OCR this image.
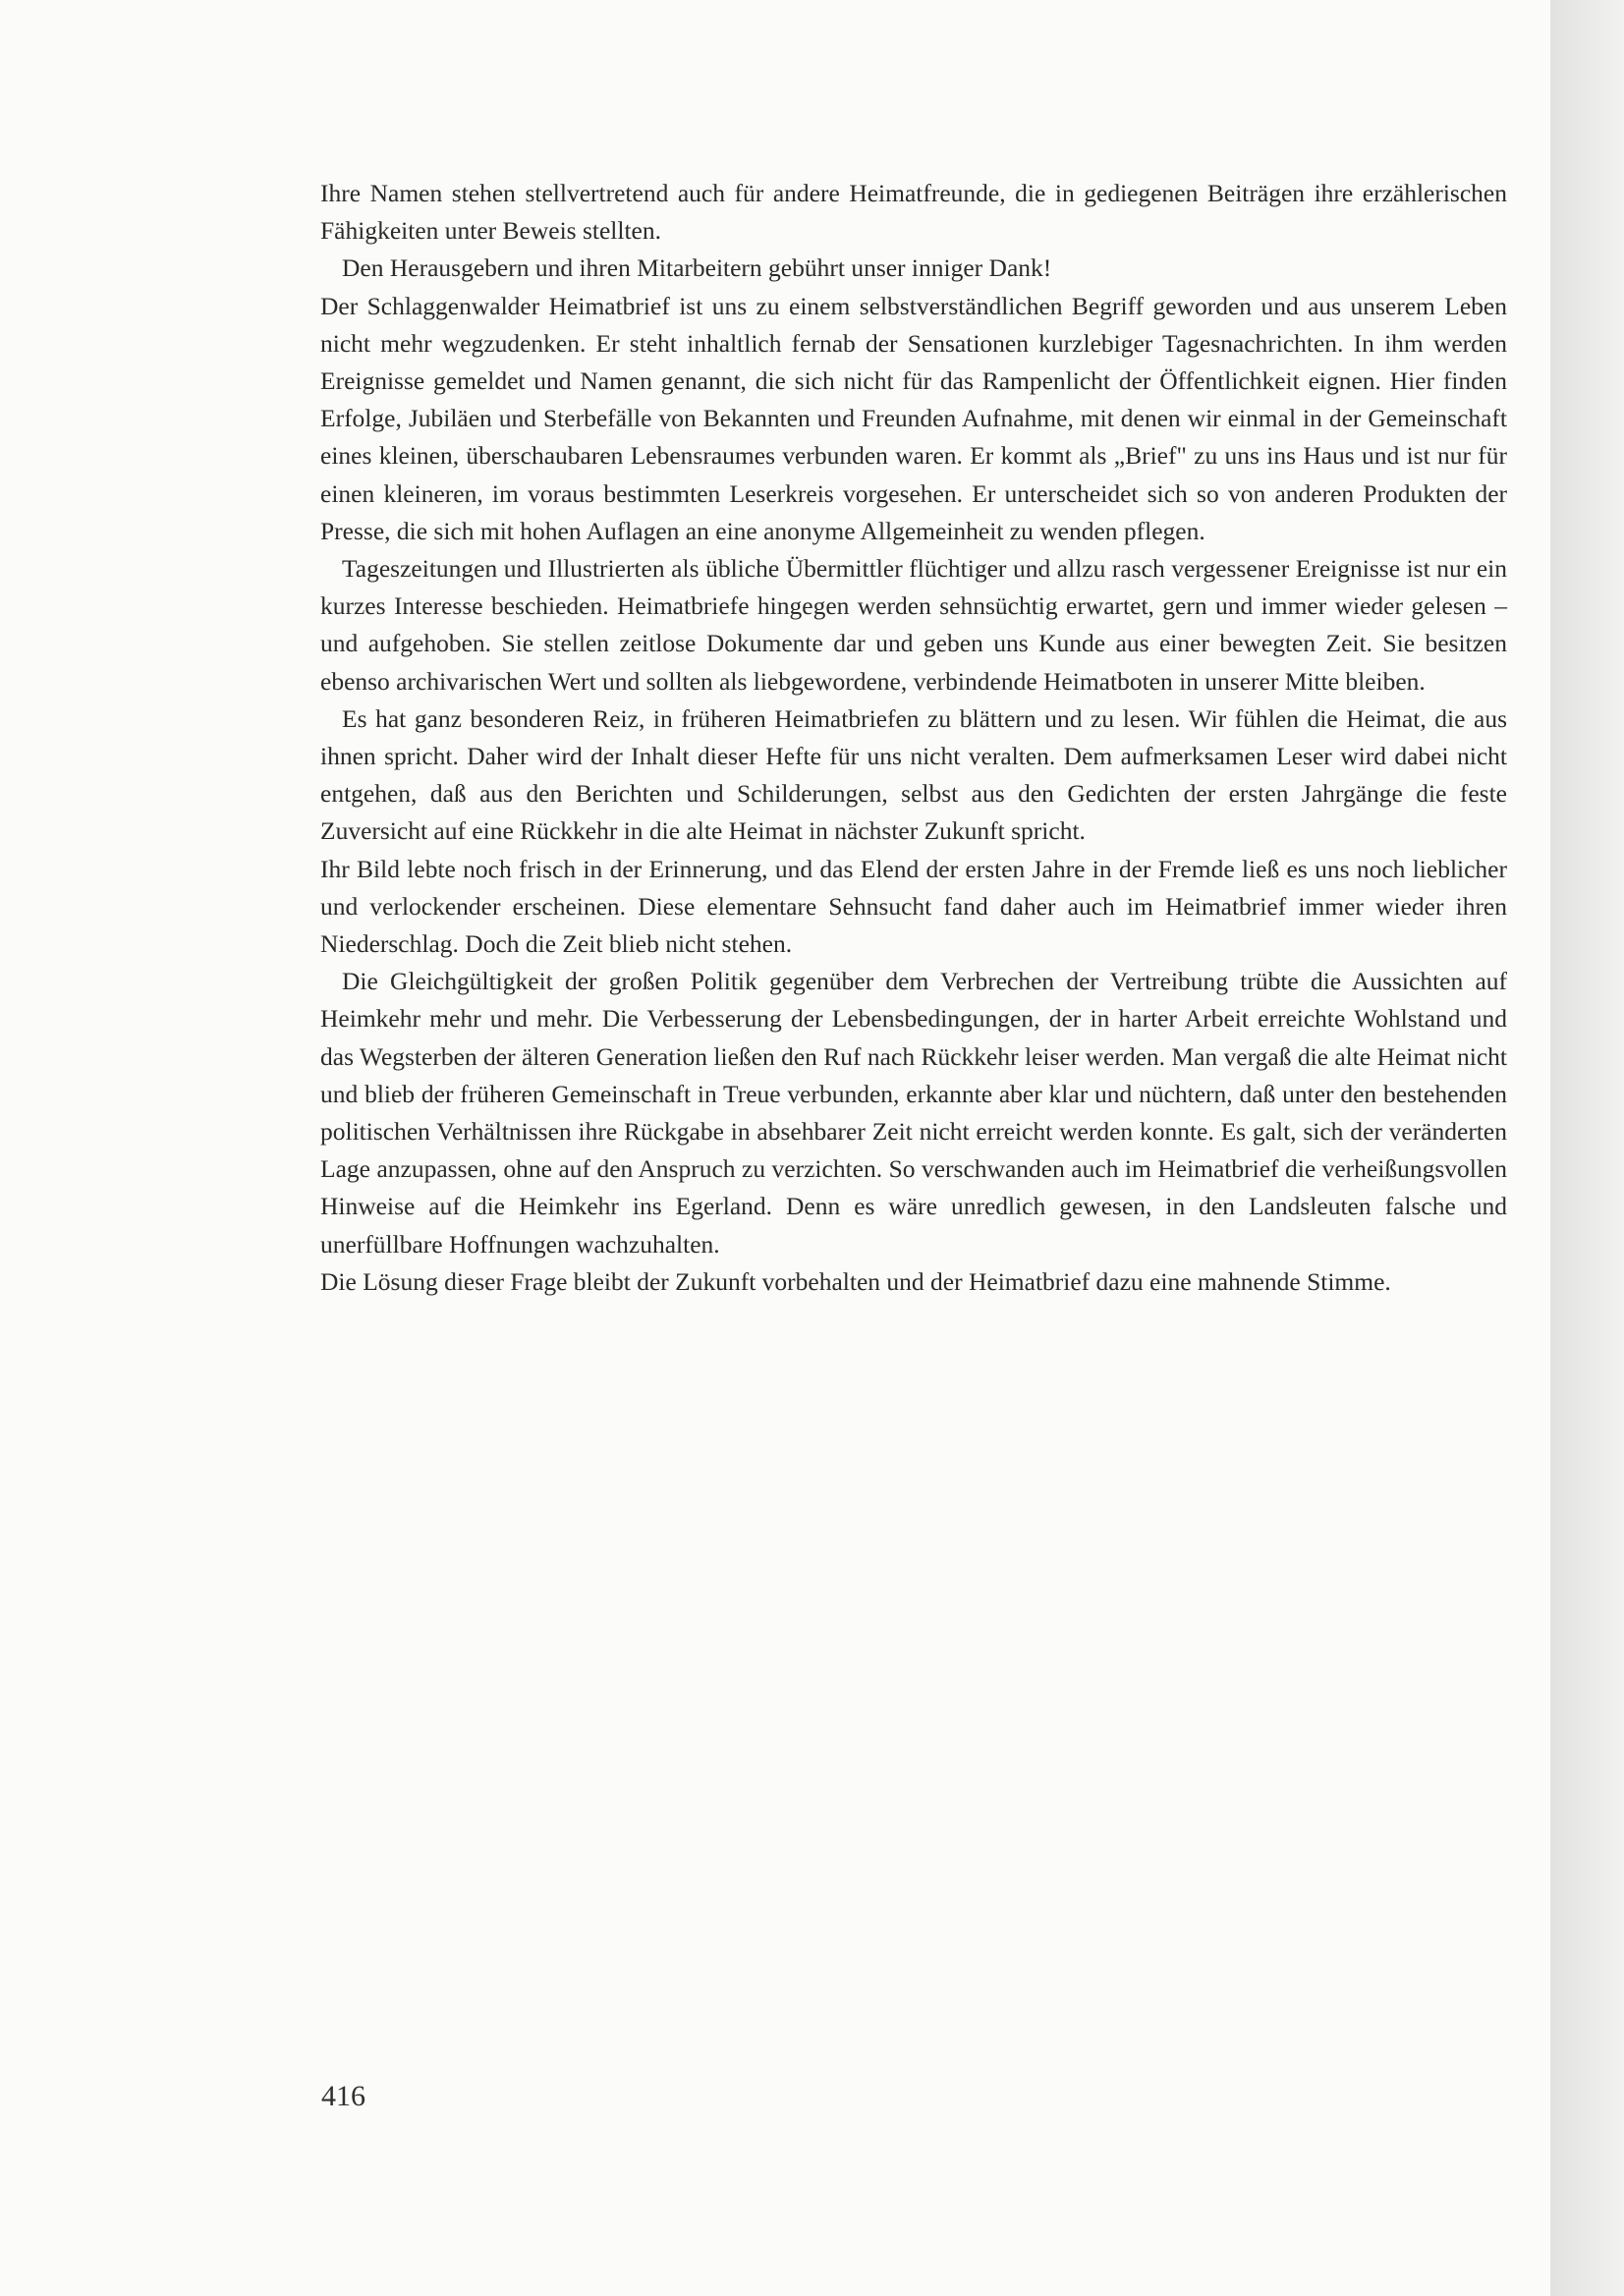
Ihre Namen stehen stellvertretend auch für andere Heimatfreunde, die in gediegenen Beiträgen ihre erzählerischen Fähigkeiten unter Beweis stellten.

Den Herausgebern und ihren Mitarbeitern gebührt unser inniger Dank!

Der Schlaggenwalder Heimatbrief ist uns zu einem selbstverständlichen Begriff geworden und aus unserem Leben nicht mehr wegzudenken. Er steht inhaltlich fernab der Sensationen kurzlebiger Tagesnachrichten. In ihm werden Ereignisse gemeldet und Namen genannt, die sich nicht für das Rampenlicht der Öffentlichkeit eignen. Hier finden Erfolge, Jubiläen und Sterbefälle von Bekannten und Freunden Aufnahme, mit denen wir einmal in der Gemeinschaft eines kleinen, überschaubaren Lebensraumes verbunden waren. Er kommt als „Brief" zu uns ins Haus und ist nur für einen kleineren, im voraus bestimmten Leserkreis vorgesehen. Er unterscheidet sich so von anderen Produkten der Presse, die sich mit hohen Auflagen an eine anonyme Allgemeinheit zu wenden pflegen.

Tageszeitungen und Illustrierten als übliche Übermittler flüchtiger und allzu rasch vergessener Ereignisse ist nur ein kurzes Interesse beschieden. Heimatbriefe hingegen werden sehnsüchtig erwartet, gern und immer wieder gelesen – und aufgehoben. Sie stellen zeitlose Dokumente dar und geben uns Kunde aus einer bewegten Zeit. Sie besitzen ebenso archivarischen Wert und sollten als liebgewordene, verbindende Heimatboten in unserer Mitte bleiben.

Es hat ganz besonderen Reiz, in früheren Heimatbriefen zu blättern und zu lesen. Wir fühlen die Heimat, die aus ihnen spricht. Daher wird der Inhalt dieser Hefte für uns nicht veralten. Dem aufmerksamen Leser wird dabei nicht entgehen, daß aus den Berichten und Schilderungen, selbst aus den Gedichten der ersten Jahrgänge die feste Zuversicht auf eine Rückkehr in die alte Heimat in nächster Zukunft spricht.

Ihr Bild lebte noch frisch in der Erinnerung, und das Elend der ersten Jahre in der Fremde ließ es uns noch lieblicher und verlockender erscheinen. Diese elementare Sehnsucht fand daher auch im Heimatbrief immer wieder ihren Niederschlag. Doch die Zeit blieb nicht stehen.

Die Gleichgültigkeit der großen Politik gegenüber dem Verbrechen der Vertreibung trübte die Aussichten auf Heimkehr mehr und mehr. Die Verbesserung der Lebensbedingungen, der in harter Arbeit erreichte Wohlstand und das Wegsterben der älteren Generation ließen den Ruf nach Rückkehr leiser werden. Man vergaß die alte Heimat nicht und blieb der früheren Gemeinschaft in Treue verbunden, erkannte aber klar und nüchtern, daß unter den bestehenden politischen Verhältnissen ihre Rückgabe in absehbarer Zeit nicht erreicht werden konnte. Es galt, sich der veränderten Lage anzupassen, ohne auf den Anspruch zu verzichten. So verschwanden auch im Heimatbrief die verheißungsvollen Hinweise auf die Heimkehr ins Egerland. Denn es wäre unredlich gewesen, in den Landsleuten falsche und unerfüllbare Hoffnungen wachzuhalten.

Die Lösung dieser Frage bleibt der Zukunft vorbehalten und der Heimatbrief dazu eine mahnende Stimme.

416
